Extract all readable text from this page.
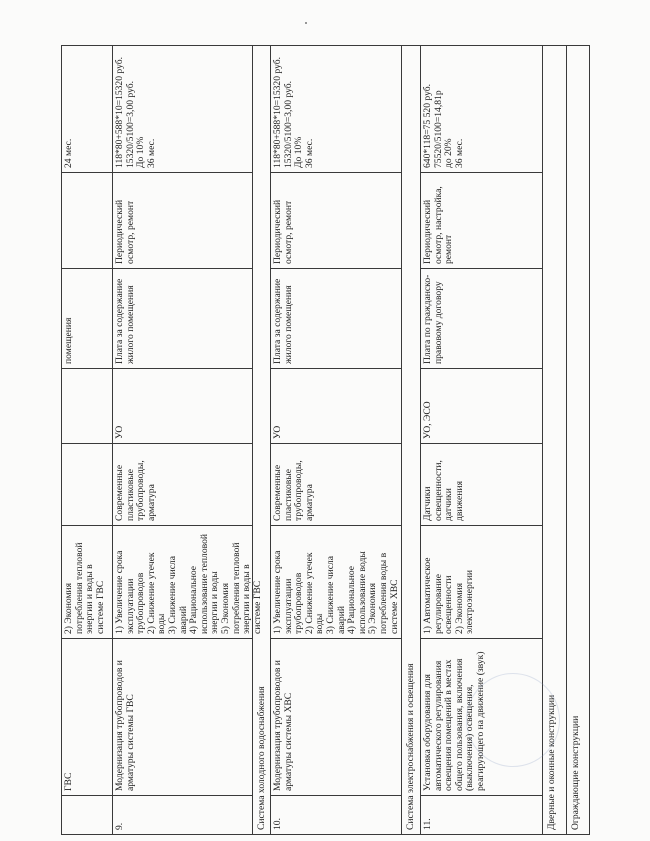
ГВС
2) Экономия потребления тепловой энергии и воды в системе ГВС
помещения
24 мес.
9.
Модернизация трубопроводов и арматуры системы ГВС
1) Увеличение срока эксплуатации трубопроводов
2) Снижение утечек воды
3) Снижение числа аварий
4) Рациональное использование тепловой энергии и воды
5) Экономия потребления тепловой энергии и воды в системе ГВС
Современные пластиковые трубопроводы, арматура
УО
Плата за содержание жилого помещения
Периодический осмотр, ремонт
118*80+588*10=15320 руб.
15320/5100=3,00 руб.
До 10%
36 мес.
Система холодного водоснабжения 10.
Модернизация трубопроводов и арматуры системы ХВС
1) Увеличение срока эксплуатации трубопроводов
2) Снижение утечек воды
3) Снижение числа аварий
4) Рациональное использование воды
5) Экономия потребления воды в системе ХВС
Современные пластиковые трубопроводы, арматура
УО
Плата за содержание жилого помещения
Периодический осмотр, ремонт
118*80+588*10=15320 руб.
15320/5100=3,00 руб.
До 10%
36 мес.
Система электроснабжения и освещения 11.
Установка оборудования для автоматического регулирования освещения помещений в местах общего пользования, включения (выключения) освещения, реагирующего на движение (звук)
1) Автоматическое регулирование освещенности
2) Экономия электроэнергии
Датчики освещенности, датчики движения
УО, ЭСО
Плата по гражданско-правовому договору
Периодический осмотр, настройка, ремонт
640*118=75 520 руб.
75520/5100=14,81р
до 20%
36 мес.
Дверные и оконные конструкции	Ограждающие конструкции
